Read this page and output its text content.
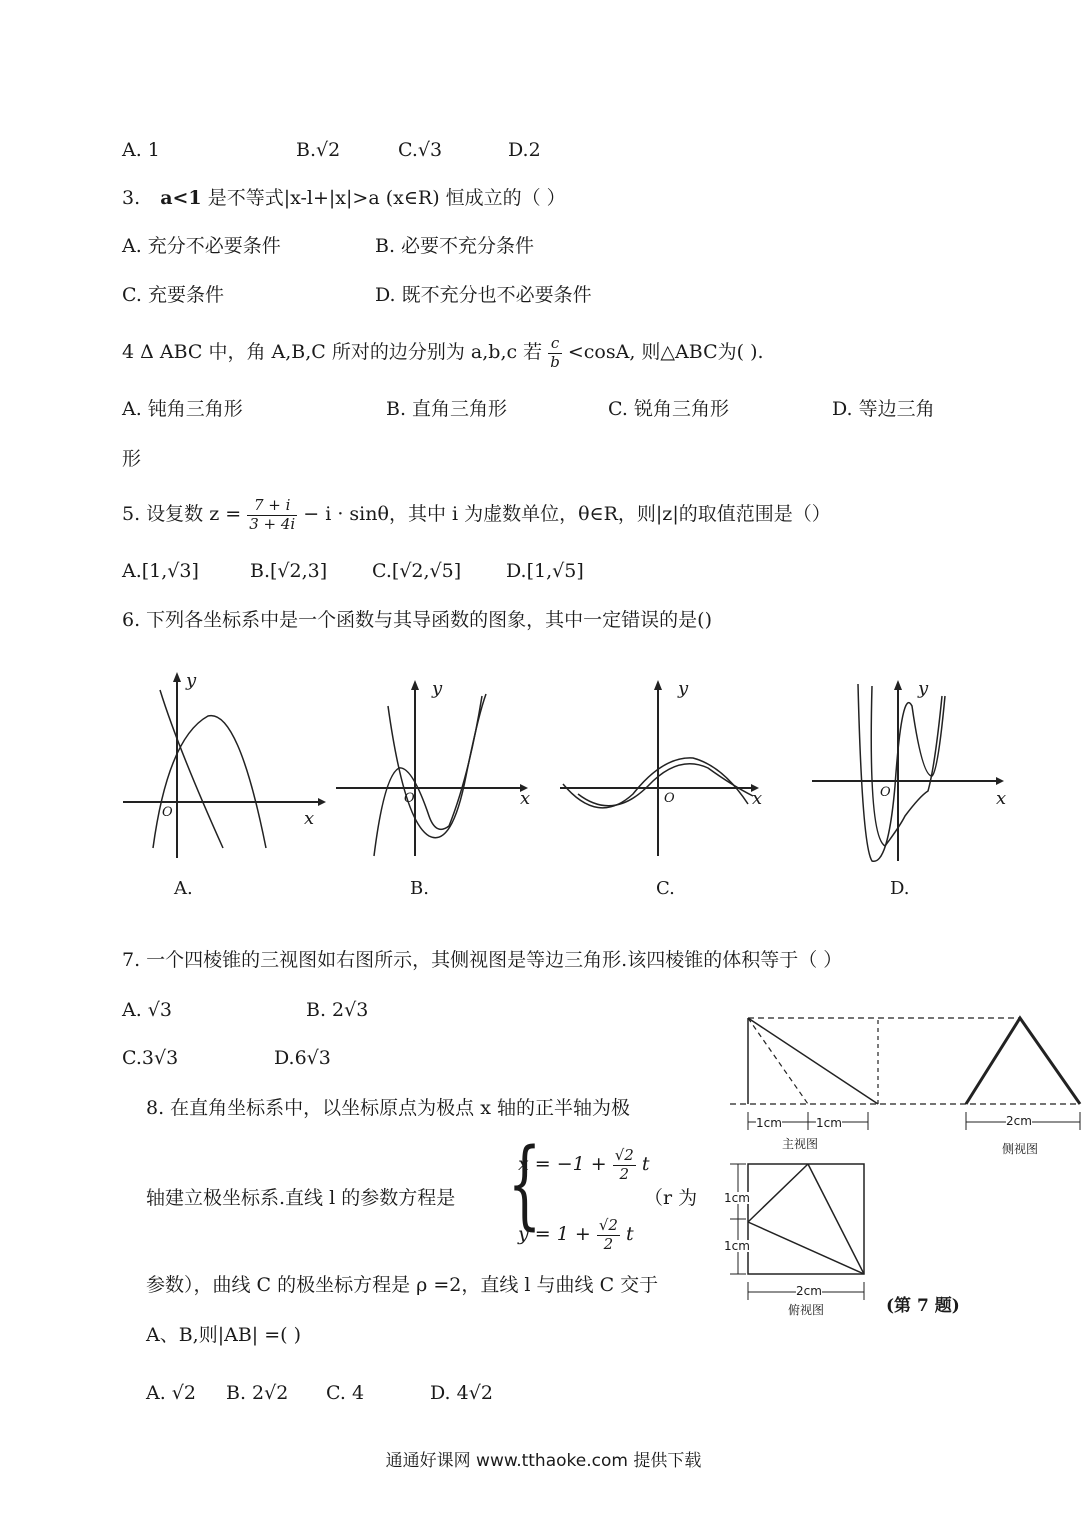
A. 1	B.√2	C.√3	D.2
3. a<1 是不等式|x-l+|x|>a (x∈R) 恒成立的（ ）
A. 充分不必要条件	B. 必要不充分条件
C. 充要条件	D. 既不充分也不必要条件
4 Δ ABC 中，角 A,B,C 所对的边分别为 a,b,c 若 $\frac{c}{b} <\cos A$, 则△ABC为( ).
A. 钝角三角形	B. 直角三角形	C. 锐角三角形	D. 等边三角
形
5. 设复数 $z = \frac{7 + i}{3 + 4i} - i \cdot \sin\theta$，其中 i 为虚数单位，θ∈R，则|z|的取值范围是（）
A.[1,√3]	B.[√2,3] C.[√2,√5] D.[1,√5]
6. 下列各坐标系中是一个函数与其导函数的图象，其中一定错误的是()
x
y
O
A.
x
y
O
B.
x
y
O
C.
x
y
O
D.
7. 一个四棱锥的三视图如右图所示，其侧视图是等边三角形.该四棱锥的体积等于（ ）
A. √3	B. 2√3
C.3√3	D.6√3
1cm	1cm
主视图
2cm
侧视图
1cm
1cm
2cm
俯视图	(第 7 题)
8. 在直角坐标系中，以坐标原点为极点 x 轴的正半轴为极
轴建立极坐标系.直线 l 的参数方程是 {
$x = -1 + \frac{√2}{2}$ t
$y = 1 + \frac{√2}{2}$ t
（r 为
参数），曲线 C 的极坐标方程是 ρ =2，直线 l 与曲线 C 交于
A、B,则|AB| =( )
A. √2 B. 2√2 C. 4	D. 4√2
通通好课网 www.tthaoke.com 提供下载
